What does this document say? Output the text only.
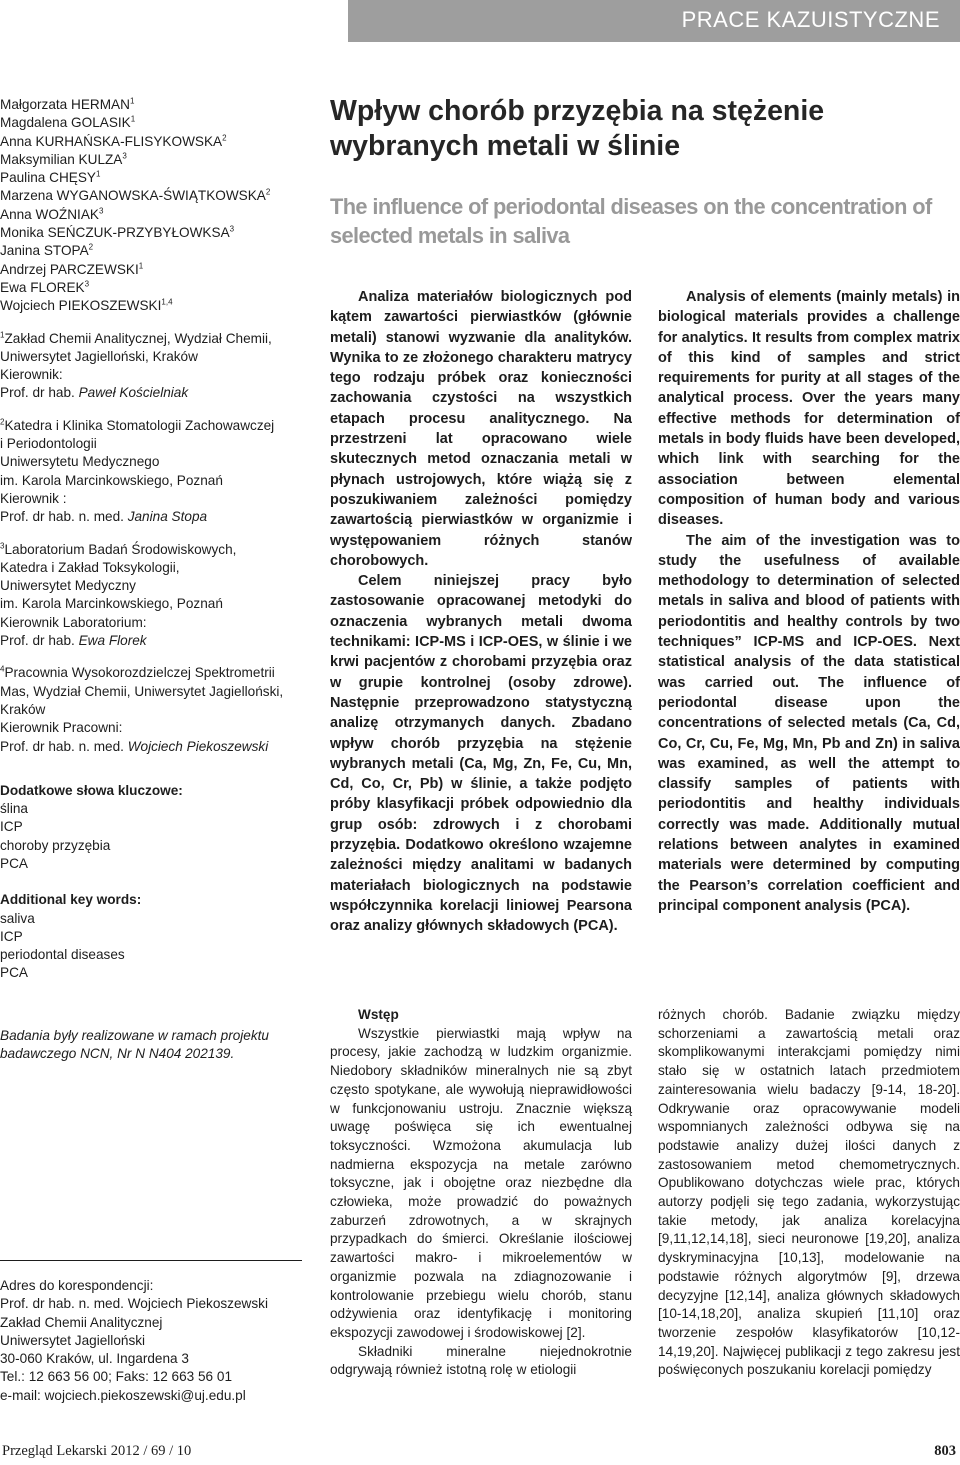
PRACE KAZUISTYCZNE

Małgorzata HERMAN$^1$

Magdalena GOLASIK$^1$

Anna KURHAŃSKA-FLISYKOWSKA$^2$

Maksymilian KULZA$^3$

Paulina CHĘSY$^1$

Marzena WYGANOWSKA-ŚWIĄTKOWSKA$^2$

Anna WOŹNIAK$^3$

Monika SEŃCZUK-PRZYBYŁOWKSA$^3$

Janina STOPA$^2$

Andrzej PARCZEWSKI$^1$

Ewa FLOREK$^3$

Wojciech PIEKOSZEWSKI$^{1,4}$

$^1$Zakład Chemii Analitycznej, Wydział Chemii,

Uniwersytet Jagielloński, Kraków

Kierownik:

Prof. dr hab. Paweł Kościelniak

$^2$Katedra i Klinika Stomatologii Zachowawczej

i Periodontologii

Uniwersytetu Medycznego

im. Karola Marcinkowskiego, Poznań

Kierownik :

Prof. dr hab. n. med. Janina Stopa

$^3$Laboratorium Badań Środowiskowych,

Katedra i Zakład Toksykologii,

Uniwersytet Medyczny

im. Karola Marcinkowskiego, Poznań

Kierownik Laboratorium:

Prof. dr hab. Ewa Florek

$^4$Pracownia Wysokorozdzielczej Spektrometrii

Mas, Wydział Chemii, Uniwersytet Jagielloński,

Kraków

Kierownik Pracowni:

Prof. dr hab. n. med. Wojciech Piekoszewski

Dodatkowe słowa kluczowe:

ślina

ICP

choroby przyzębia

PCA

Additional key words:

saliva

ICP

periodontal diseases

PCA

Badania były realizowane w ramach projektu badawczego NCN, Nr N N404 202139.

Adres do korespondencji:

Prof. dr hab. n. med. Wojciech Piekoszewski

Zakład Chemii Analitycznej

Uniwersytet Jagielloński

30-060 Kraków, ul. Ingardena 3

Tel.: 12 663 56 00; Faks: 12 663 56 01

e-mail: wojciech.piekoszewski@uj.edu.pl

Wpływ chorób przyzębia na stężenie wybranych metali w ślinie
The influence of periodontal diseases on the concentration of selected metals in saliva

Analiza materiałów biologicznych pod kątem zawartości pierwiastków (głównie metali) stanowi wyzwanie dla analityków. Wynika to ze złożonego charakteru matrycy tego rodzaju próbek oraz konieczności zachowania czystości na wszystkich etapach procesu analitycznego. Na przestrzeni lat opracowano wiele skutecznych metod oznaczania metali w płynach ustrojowych, które wiążą się z poszukiwaniem zależności pomiędzy zawartością pierwiastków w organizmie i występowaniem różnych stanów chorobowych.

Celem niniejszej pracy było zastosowanie opracowanej metodyki do oznaczenia wybranych metali dwoma technikami: ICP-MS i ICP-OES, w ślinie i we krwi pacjentów z chorobami przyzębia oraz w grupie kontrolnej (osoby zdrowe). Następnie przeprowadzono statystyczną analizę otrzymanych danych. Zbadano wpływ chorób przyzębia na stężenie wybranych metali (Ca, Mg, Zn, Fe, Cu, Mn, Cd, Co, Cr, Pb) w ślinie, a także podjęto próby klasyfikacji próbek odpowiednio dla grup osób: zdrowych i z chorobami przyzębia. Dodatkowo określono wzajemne zależności między analitami w badanych materiałach biologicznych na podstawie współczynnika korelacji liniowej Pearsona oraz analizy głównych składowych (PCA).

Analysis of elements (mainly metals) in biological materials provides a challenge for analytics. It results from complex matrix of this kind of samples and strict requirements for purity at all stages of the analytical process. Over the years many effective methods for determination of metals in body fluids have been developed, which link with searching for the association between elemental composition of human body and various diseases.

The aim of the investigation was to study the usefulness of available methodology to determination of selected metals in saliva and blood of patients with periodontitis and healthy controls by two techniques” ICP-MS and ICP-OES. Next statistical analysis of the data statistical was carried out. The influence of periodontal disease upon the concentrations of selected metals (Ca, Cd, Co, Cr, Cu, Fe, Mg, Mn, Pb and Zn) in saliva was examined, as well the attempt to classify samples of patients with periodontitis and healthy individuals correctly was made. Additionally mutual relations between analytes in examined materials were determined by computing the Pearson’s correlation coefficient and principal component analysis (PCA).

Wstęp

Wszystkie pierwiastki mają wpływ na procesy, jakie zachodzą w ludzkim organizmie. Niedobory składników mineralnych nie są zbyt często spotykane, ale wywołują nieprawidłowości w funkcjonowaniu ustroju. Znacznie większą uwagę poświęca się ich ewentualnej toksyczności. Wzmożona akumulacja lub nadmierna ekspozycja na metale zarówno toksyczne, jak i obojętne oraz niezbędne dla człowieka, może prowadzić do poważnych zaburzeń zdrowotnych, a w skrajnych przypadkach do śmierci. Określanie ilościowej zawartości makro- i mikroelementów w organizmie pozwala na zdiagnozowanie i kontrolowanie przebiegu wielu chorób, stanu odżywienia oraz identyfikację i monitoring ekspozycji zawodowej i środowiskowej [2].

Składniki mineralne niejednokrotnie odgrywają również istotną rolę w etiologii

różnych chorób. Badanie związku między schorzeniami a zawartością metali oraz skomplikowanymi interakcjami pomiędzy nimi stało się w ostatnich latach przedmiotem zainteresowania wielu badaczy [9-14, 18-20]. Odkrywanie oraz opracowywanie modeli wspomnianych zależności odbywa się na podstawie analizy dużej ilości danych z zastosowaniem metod chemometrycznych. Opublikowano dotychczas wiele prac, których autorzy podjęli się tego zadania, wykorzystując takie metody, jak analiza korelacyjna [9,11,12,14,18], sieci neuronowe [19,20], analiza dyskryminacyjna [10,13], modelowanie na podstawie różnych algorytmów [9], drzewa decyzyjne [12,14], analiza głównych składowych [10-14,18,20], analiza skupień [11,10] oraz tworzenie zespołów klasyfikatorów [10,12-14,19,20]. Najwięcej publikacji z tego zakresu jest poświęconych poszukaniu korelacji pomiędzy

Przegląd Lekarski 2012 / 69 / 10	803
